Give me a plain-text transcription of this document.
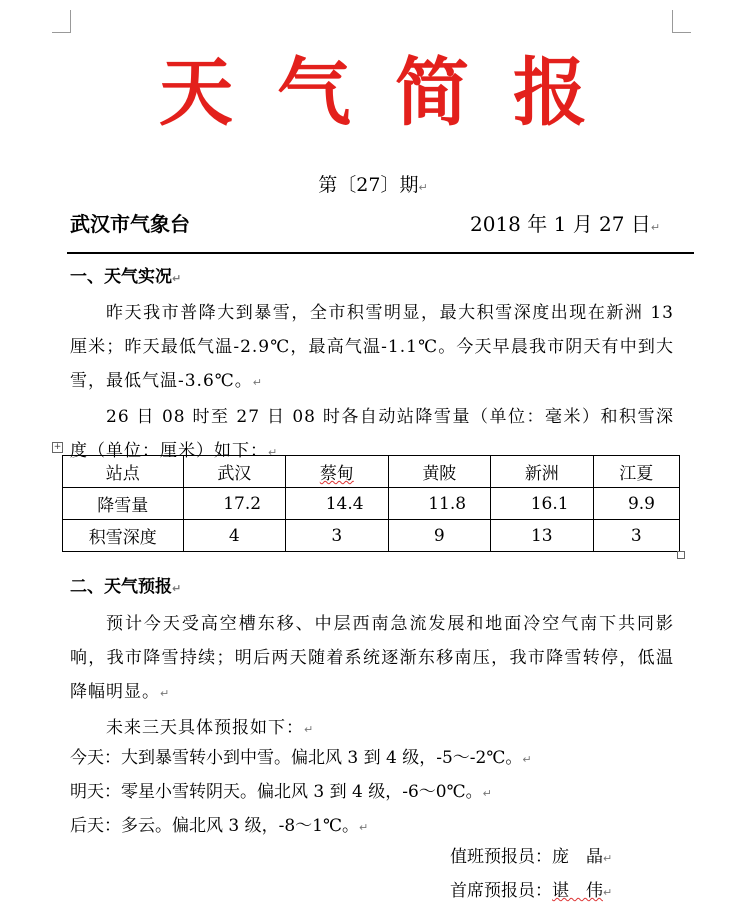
天气简报
第〔27〕期↵
武汉市气象台	2018 年 1 月 27 日↵
一、天气实况↵

昨天我市普降大到暴雪，全市积雪明显，最大积雪深度出现在新洲 13 厘米；昨天最低气温-2.9℃，最高气温-1.1℃。今天早晨我市阴天有中到大雪，最低气温-3.6℃。↵

26 日 08 时至 27 日 08 时各自动站降雪量（单位：毫米）和积雪深度（单位：厘米）如下：↵

+
站点	武汉	蔡甸	黄陂	新洲	江夏
降雪量	17.2	14.4	11.8	16.1	9.9
积雪深度	4	3	9	13	3
二、天气预报↵

预计今天受高空槽东移、中层西南急流发展和地面冷空气南下共同影响，我市降雪持续；明后两天随着系统逐渐东移南压，我市降雪转停，低温降幅明显。↵

未来三天具体预报如下：↵

今天：大到暴雪转小到中雪。偏北风 3 到 4 级，-5～-2℃。↵
明天：零星小雪转阴天。偏北风 3 到 4 级，-6～0℃。↵
后天：多云。偏北风 3 级，-8～1℃。↵
值班预报员：庞　晶↵
首席预报员：谌　伟↵
